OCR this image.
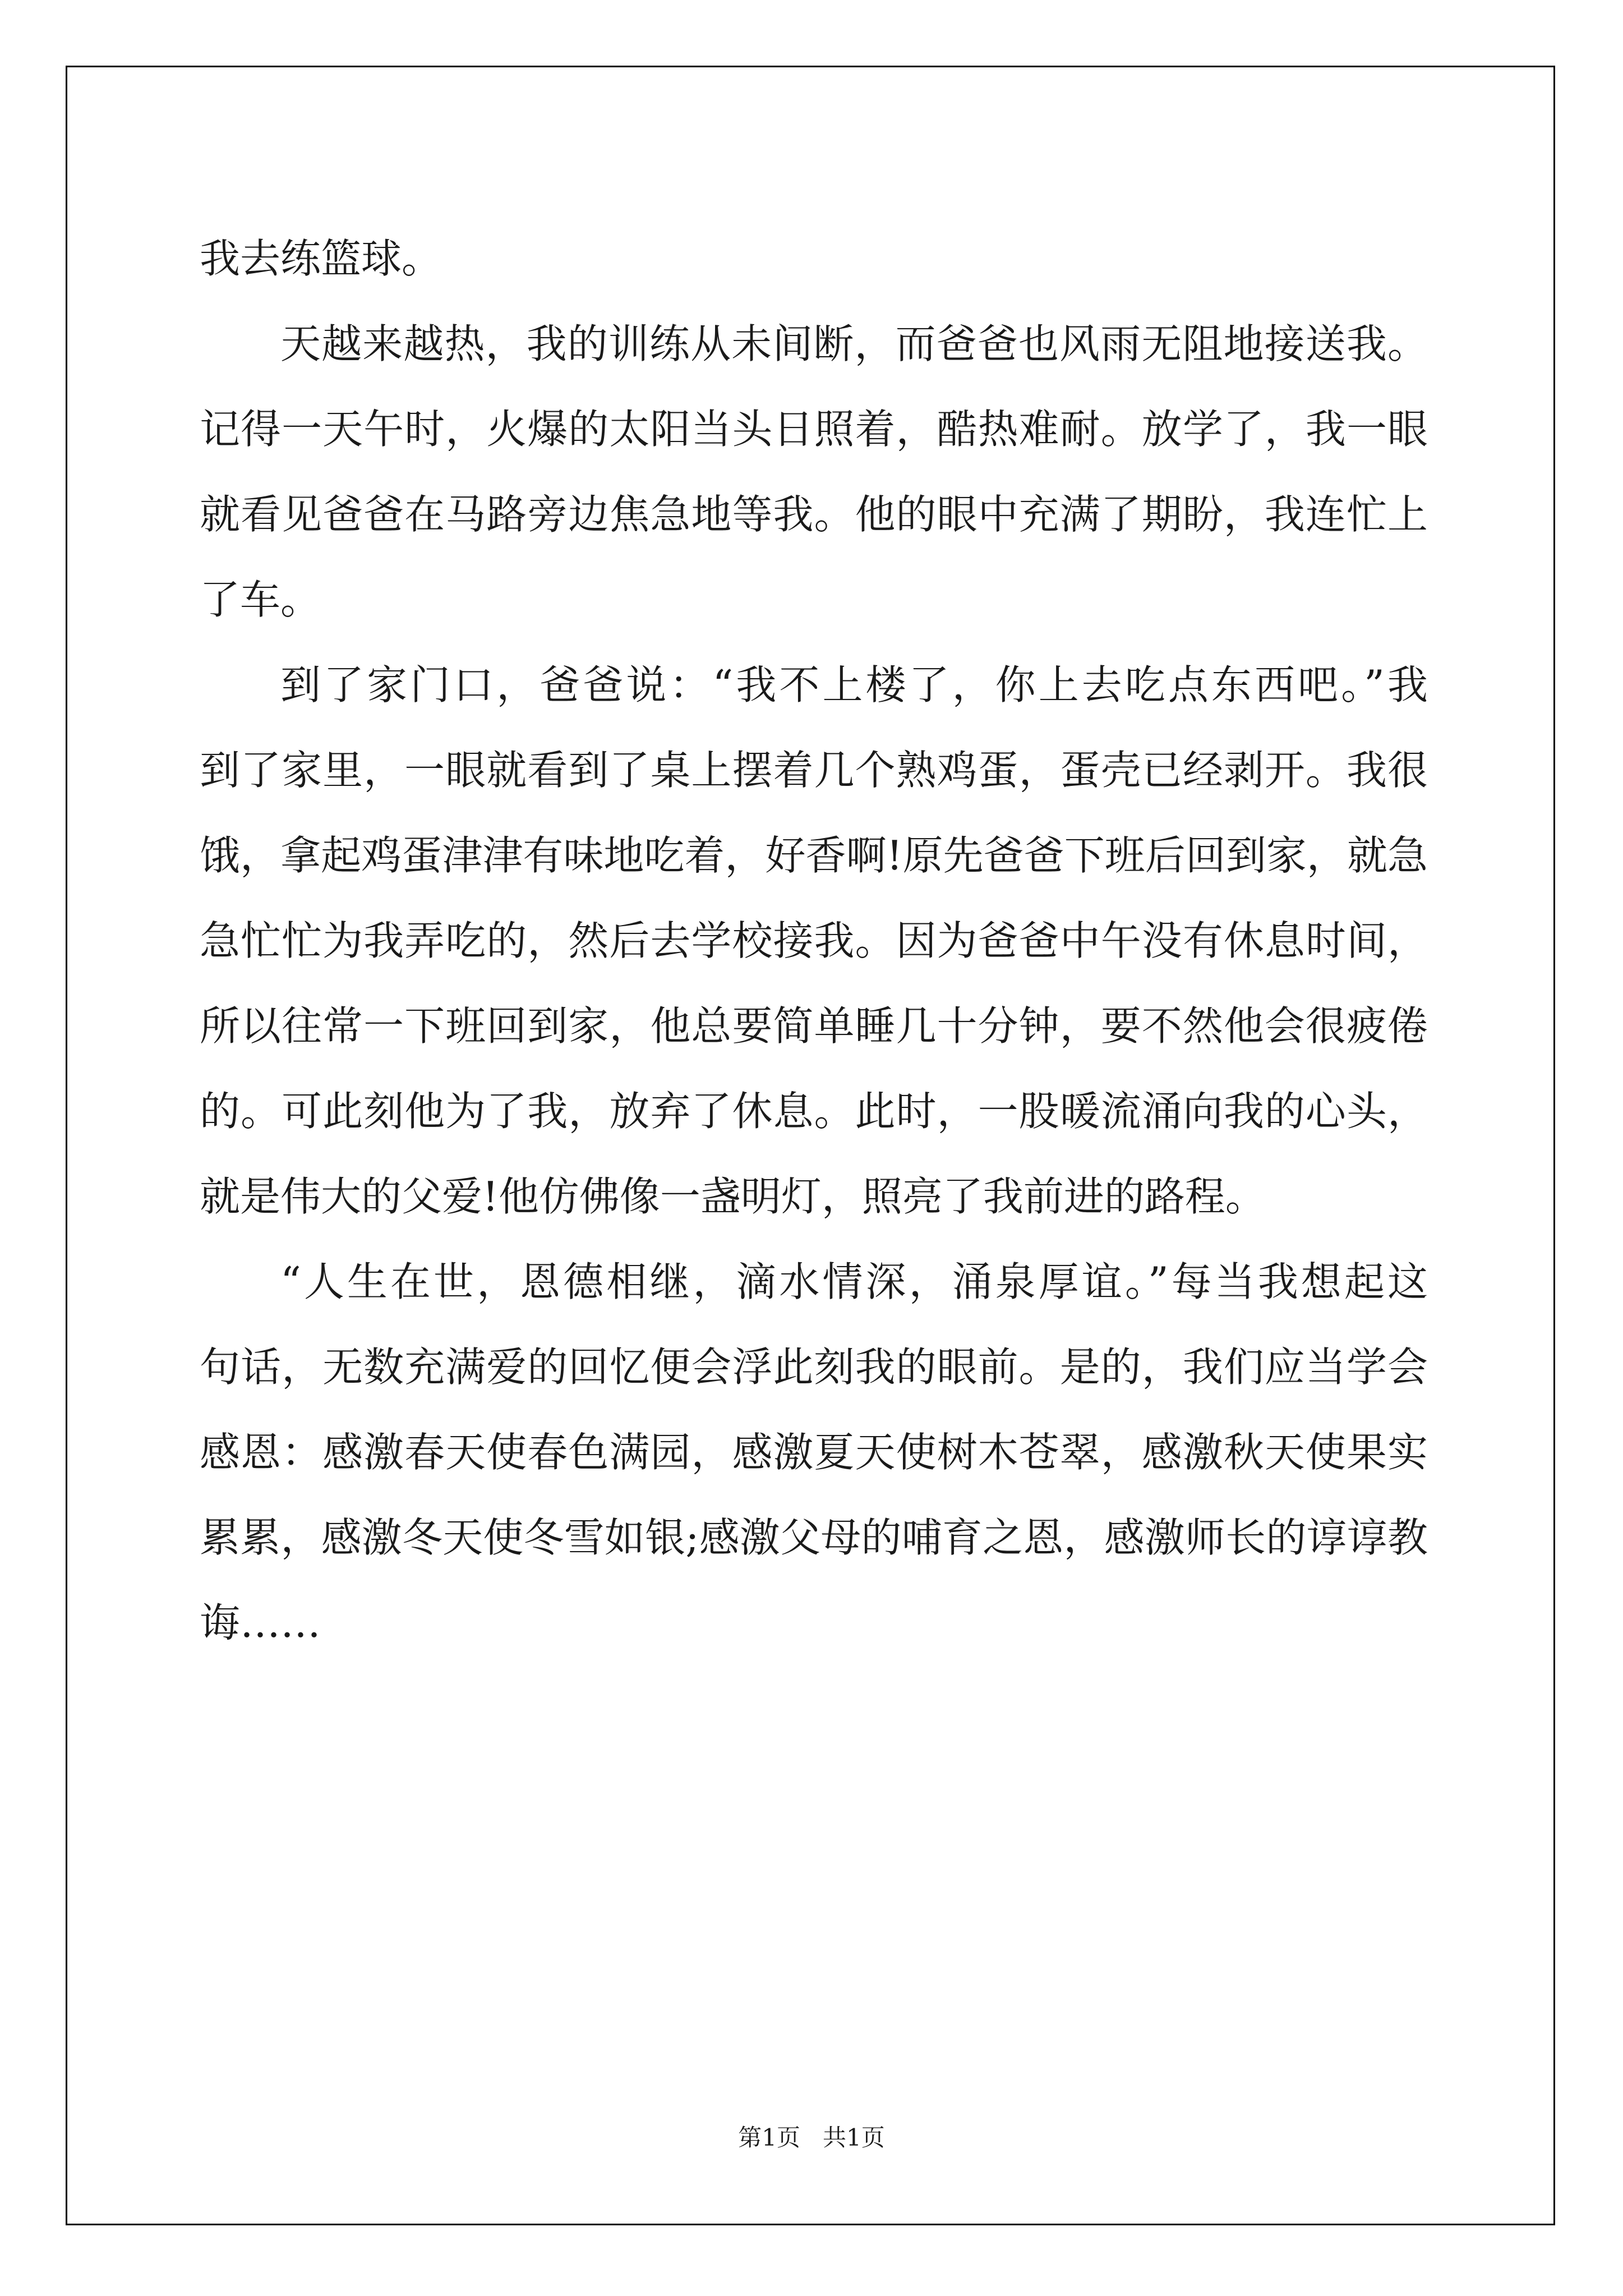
我去练篮球。
天越来越热，我的训练从未间断，而爸爸也风雨无阻地接送我。
记得一天午时，火爆的太阳当头日照着，酷热难耐。放学了，我一眼
就看见爸爸在马路旁边焦急地等我。他的眼中充满了期盼，我连忙上
了车。
到了家门口，爸爸说：“我不上楼了，你上去吃点东西吧。”我
到了家里，一眼就看到了桌上摆着几个熟鸡蛋，蛋壳已经剥开。我很
饿，拿起鸡蛋津津有味地吃着，好香啊!原先爸爸下班后回到家，就急
急忙忙为我弄吃的，然后去学校接我。因为爸爸中午没有休息时间，
所以往常一下班回到家，他总要简单睡几十分钟，要不然他会很疲倦
的。可此刻他为了我，放弃了休息。此时，一股暖流涌向我的心头，
就是伟大的父爱!他仿佛像一盏明灯，照亮了我前进的路程。
“人生在世，恩德相继，滴水情深，涌泉厚谊。”每当我想起这
句话，无数充满爱的回忆便会浮此刻我的眼前。是的，我们应当学会
感恩：感激春天使春色满园，感激夏天使树木苍翠，感激秋天使果实
累累，感激冬天使冬雪如银;感激父母的哺育之恩，感激师长的谆谆教
诲……
第1页   共1页
